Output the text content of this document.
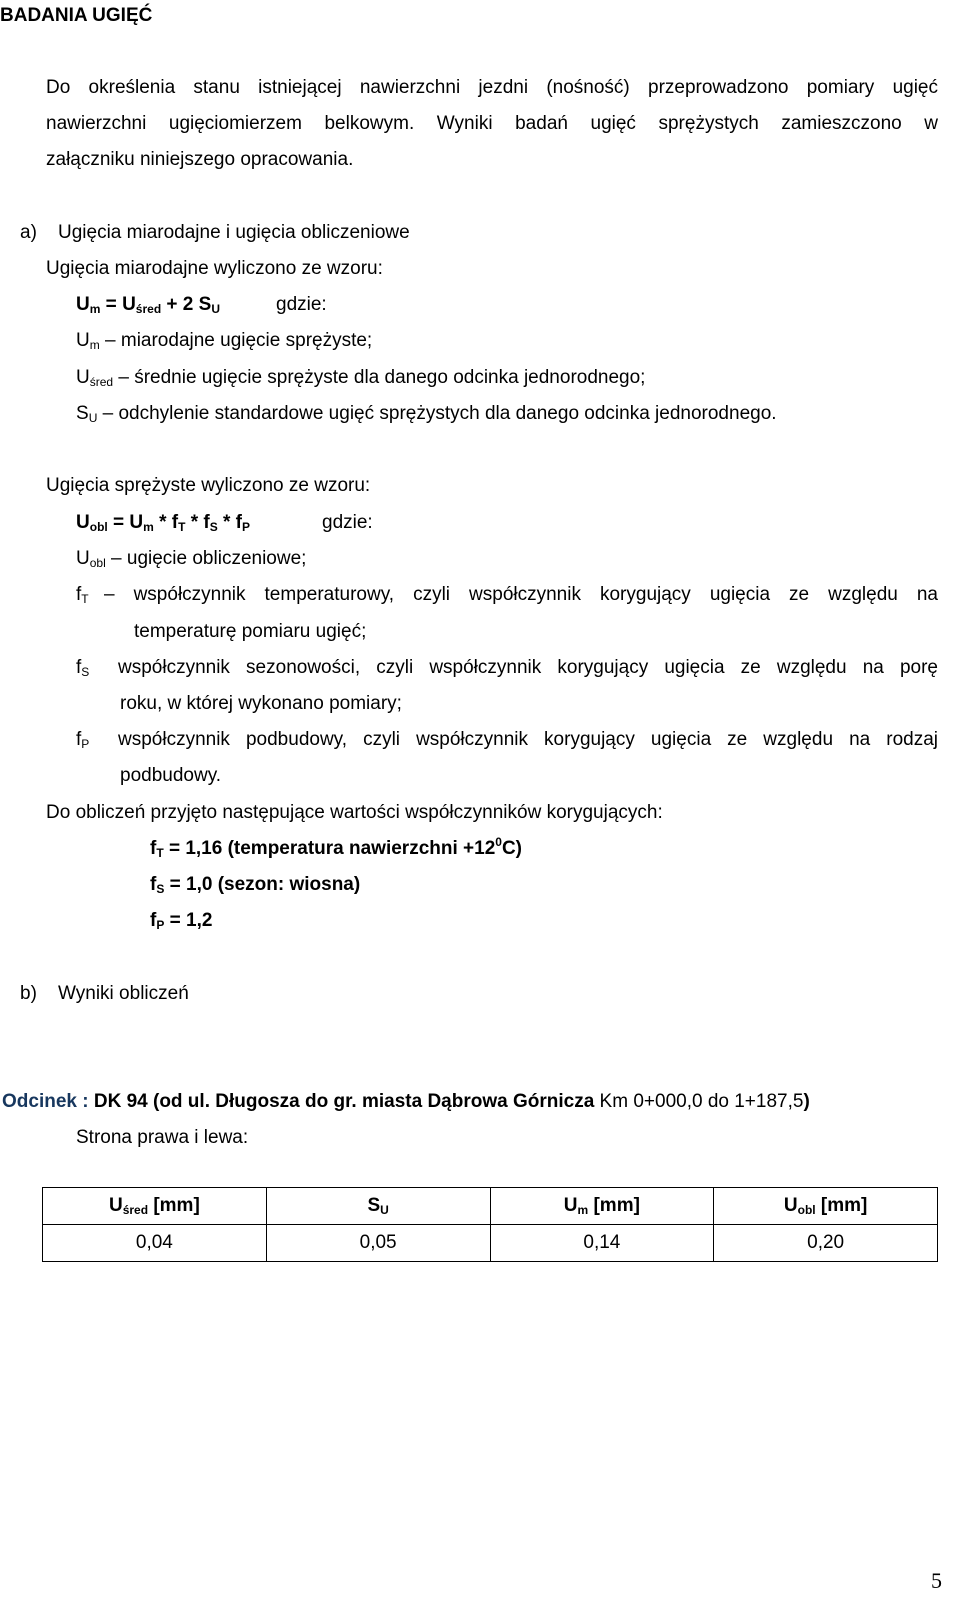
BADANIA UGIĘĆ
Do określenia stanu istniejącej nawierzchni jezdni (nośność) przeprowadzono pomiary ugięć
nawierzchni ugięciomierzem belkowym. Wyniki badań ugięć sprężystych zamieszczono w
załączniku niniejszego opracowania.
a) Ugięcia miarodajne i ugięcia obliczeniowe
Ugięcia miarodajne wyliczono ze wzoru:
$U_m = U_{śred} + 2$ $S_U$	gdzie:
$U_m$ – miarodajne ugięcie sprężyste;
$U_{śred}$ – średnie ugięcie sprężyste dla danego odcinka jednorodnego;
$S_U$ – odchylenie standardowe ugięć sprężystych dla danego odcinka jednorodnego.
Ugięcia sprężyste wyliczono ze wzoru:
$U_{obl} = U_m * f_T * f_S * f_P$	gdzie:
$U_{obl}$ – ugięcie obliczeniowe;
$f_T$ – współczynnik temperaturowy, czyli współczynnik korygujący ugięcia ze względu na
temperaturę pomiaru ugięć;
$f_S$ współczynnik sezonowości, czyli współczynnik korygujący ugięcia ze względu na porę
roku, w której wykonano pomiary;
$f_P$ współczynnik podbudowy, czyli współczynnik korygujący ugięcia ze względu na rodzaj
podbudowy.
Do obliczeń przyjęto następujące wartości współczynników korygujących:
$f_T = 1,16$ (temperatura nawierzchni $+12^0C$)
$f_S = 1,0$ (sezon: wiosna)
$f_P = 1,2$
b) Wyniki obliczeń
Odcinek : DK 94 (od ul. Długosza do gr. miasta Dąbrowa Górnicza Km 0+000,0 do 1+187,5)
Strona prawa i lewa:
$U_{śred}$ [mm]	$S_U$	$U_m$ [mm]	$U_{obl}$ [mm]
0,04	0,05	0,14	0,20
5
